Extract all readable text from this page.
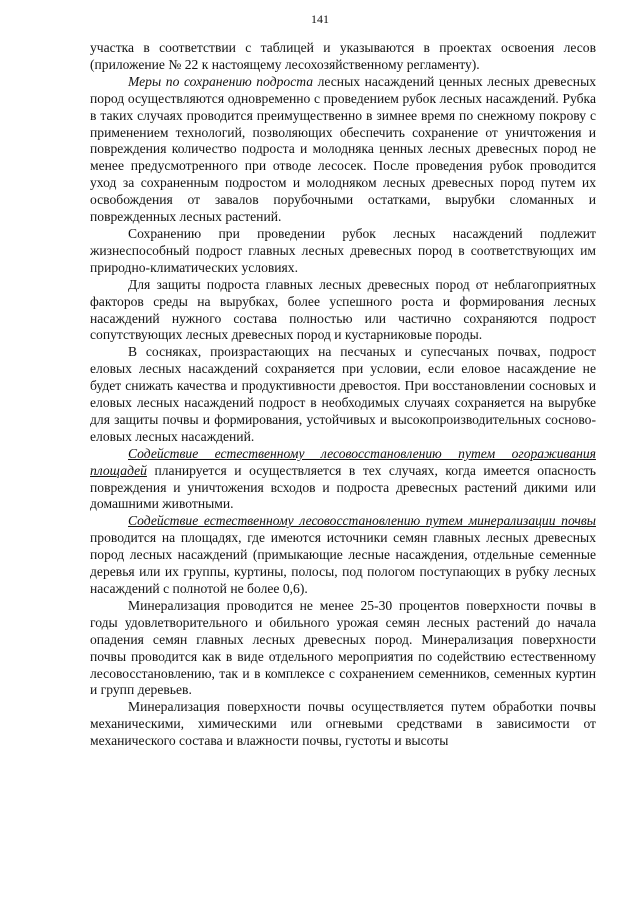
141

участка в соответствии с таблицей и указываются в проектах освоения лесов (приложение № 22 к настоящему лесохозяйственному регламенту).

Меры по сохранению подроста лесных насаждений ценных лесных древесных пород осуществляются одновременно с проведением рубок лесных насаждений. Рубка в таких случаях проводится преимущественно в зимнее время по снежному покрову с применением технологий, позволяющих обеспечить сохранение от уничтожения и повреждения количество подроста и молодняка ценных лесных древесных пород не менее предусмотренного при отводе лесосек. После проведения рубок проводится уход за сохраненным подростом и молодняком лесных древесных пород путем их освобождения от завалов порубочными остатками, вырубки сломанных и поврежденных лесных растений.

Сохранению при проведении рубок лесных насаждений подлежит жизнеспособный подрост главных лесных древесных пород в соответствующих им природно-климатических условиях.

Для защиты подроста главных лесных древесных пород от неблагоприятных факторов среды на вырубках, более успешного роста и формирования лесных насаждений нужного состава полностью или частично сохраняются подрост сопутствующих лесных древесных пород и кустарниковые породы.

В сосняках, произрастающих на песчаных и супесчаных почвах, подрост еловых лесных насаждений сохраняется при условии, если еловое насаждение не будет снижать качества и продуктивности древостоя. При восстановлении сосновых и еловых лесных насаждений подрост в необходимых случаях сохраняется на вырубке для защиты почвы и формирования, устойчивых и высокопроизводительных сосново-еловых лесных насаждений.

Содействие естественному лесовосстановлению путем огораживания площадей планируется и осуществляется в тех случаях, когда имеется опасность повреждения и уничтожения всходов и подроста древесных растений дикими или домашними животными.

Содействие естественному лесовосстановлению путем минерализации почвы проводится на площадях, где имеются источники семян главных лесных древесных пород лесных насаждений (примыкающие лесные насаждения, отдельные семенные деревья или их группы, куртины, полосы, под пологом поступающих в рубку лесных насаждений с полнотой не более 0,6).

Минерализация проводится не менее 25-30 процентов поверхности почвы в годы удовлетворительного и обильного урожая семян лесных растений до начала опадения семян главных лесных древесных пород. Минерализация поверхности почвы проводится как в виде отдельного мероприятия по содействию естественному лесовосстановлению, так и в комплексе с сохранением семенников, семенных куртин и групп деревьев.

Минерализация поверхности почвы осуществляется путем обработки почвы механическими, химическими или огневыми средствами в зависимости от механического состава и влажности почвы, густоты и высоты
